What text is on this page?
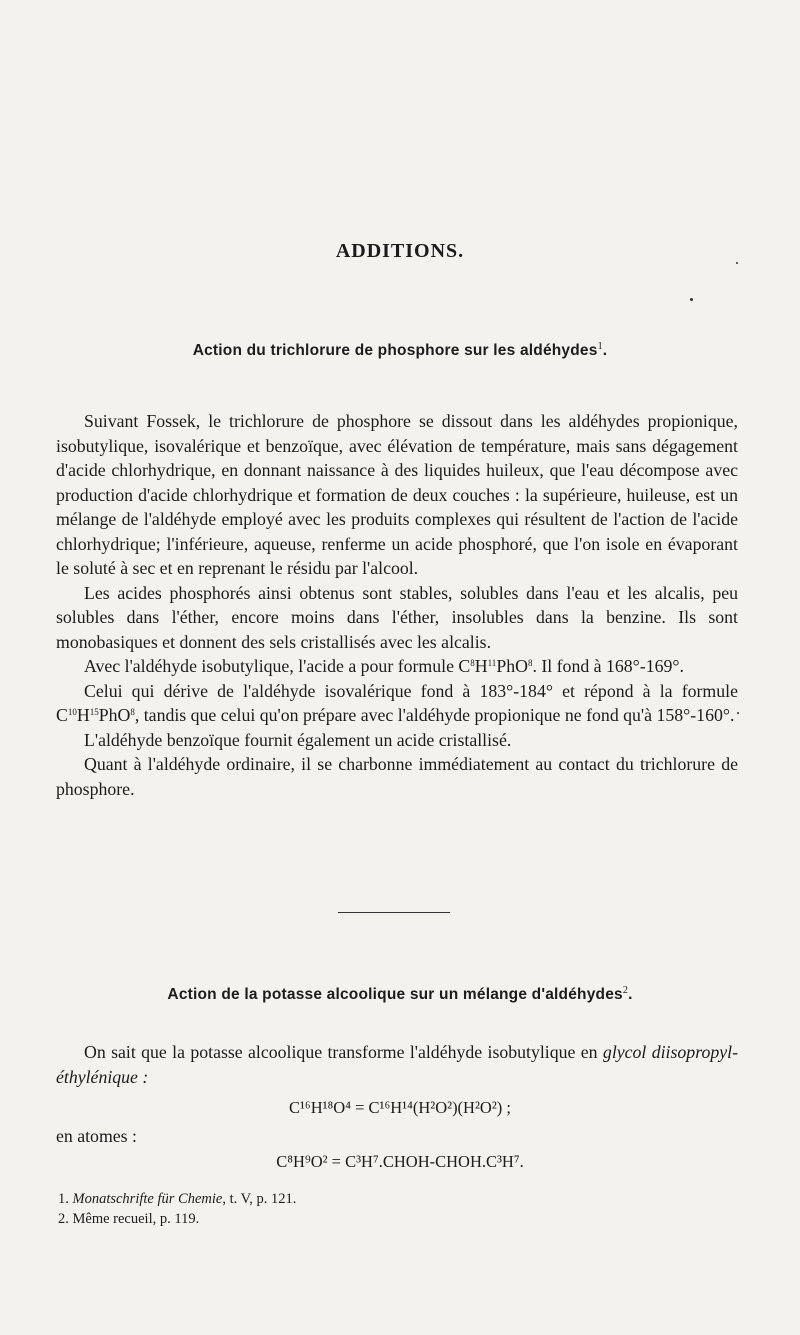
ADDITIONS.
Action du trichlorure de phosphore sur les aldéhydes$^1$.

Suivant Fossek, le trichlorure de phosphore se dissout dans les aldéhydes propionique, isobutylique, isovalérique et benzoïque, avec élévation de température, mais sans dégagement d'acide chlorhydrique, en donnant naissance à des liquides huileux, que l'eau décompose avec production d'acide chlorhydrique et formation de deux couches : la supérieure, huileuse, est un mélange de l'aldéhyde employé avec les produits complexes qui résultent de l'action de l'acide chlorhydrique; l'inférieure, aqueuse, renferme un acide phosphoré, que l'on isole en évaporant le soluté à sec et en reprenant le résidu par l'alcool.

Les acides phosphorés ainsi obtenus sont stables, solubles dans l'eau et les alcalis, peu solubles dans l'éther, encore moins dans l'éther, insolubles dans la benzine. Ils sont monobasiques et donnent des sels cristallisés avec les alcalis.

Avec l'aldéhyde isobutylique, l'acide a pour formule $C^8H^{11}PhO^8$. Il fond à 168°-169°.

Celui qui dérive de l'aldéhyde isovalérique fond à 183°-184° et répond à la formule $C^{10}H^{15}PhO^8$, tandis que celui qu'on prépare avec l'aldéhyde propionique ne fond qu'à 158°-160°.

L'aldéhyde benzoïque fournit également un acide cristallisé.

Quant à l'aldéhyde ordinaire, il se charbonne immédiatement au contact du trichlorure de phosphore.

Action de la potasse alcoolique sur un mélange d'aldéhydes$^2$.

On sait que la potasse alcoolique transforme l'aldéhyde isobutylique en glycol diisopropyl-éthylénique :

C¹⁶H¹⁸O⁴ = C¹⁶H¹⁴(H²O²)(H²O²) ;
en atomes :
C⁸H⁹O² = C³H⁷.CHOH-CHOH.C³H⁷.
1. Monatschrifte für Chemie, t. V, p. 121.
2. Même recueil, p. 119.
